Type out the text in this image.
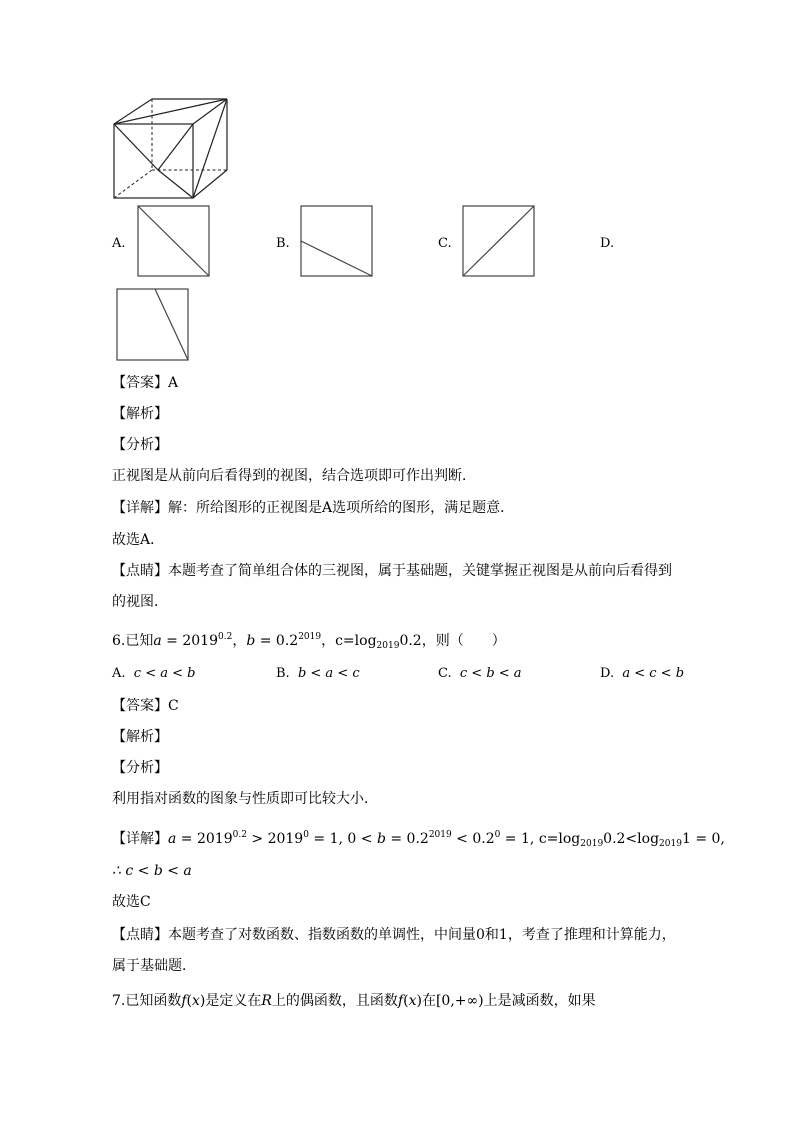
A.	B.	C.	D.
【答案】A
【解析】
【分析】
正视图是从前向后看得到的视图，结合选项即可作出判断．
【详解】解：所给图形的正视图是A选项所给的图形，满足题意．
故选A．
【点睛】本题考查了简单组合体的三视图，属于基础题，关键掌握正视图是从前向后看得到
的视图．
6.已知$a = 2019^{0.2}$，$b = 0.2^{2019}$，$c=\log_{2019}0.2$，则（　　）
A. c < a < b	B. b < a < c	C. c < b < a	D. a < c < b
【答案】C
【解析】
【分析】
利用指对函数的图象与性质即可比较大小．
【详解】$a = 2019^{0.2} > 2019^0 = 1$, $0 < b = 0.2^{2019} < 0.2^0 = 1$, $c=\log_{2019}0.2<\log_{2019}1 = 0$,
∴ c < b < a
故选C
【点睛】本题考查了对数函数、指数函数的单调性，中间量0和1，考查了推理和计算能力，
属于基础题．
7.已知函数f(x)是定义在R上的偶函数，且函数f(x)在[0,+∞)上是减函数，如果
